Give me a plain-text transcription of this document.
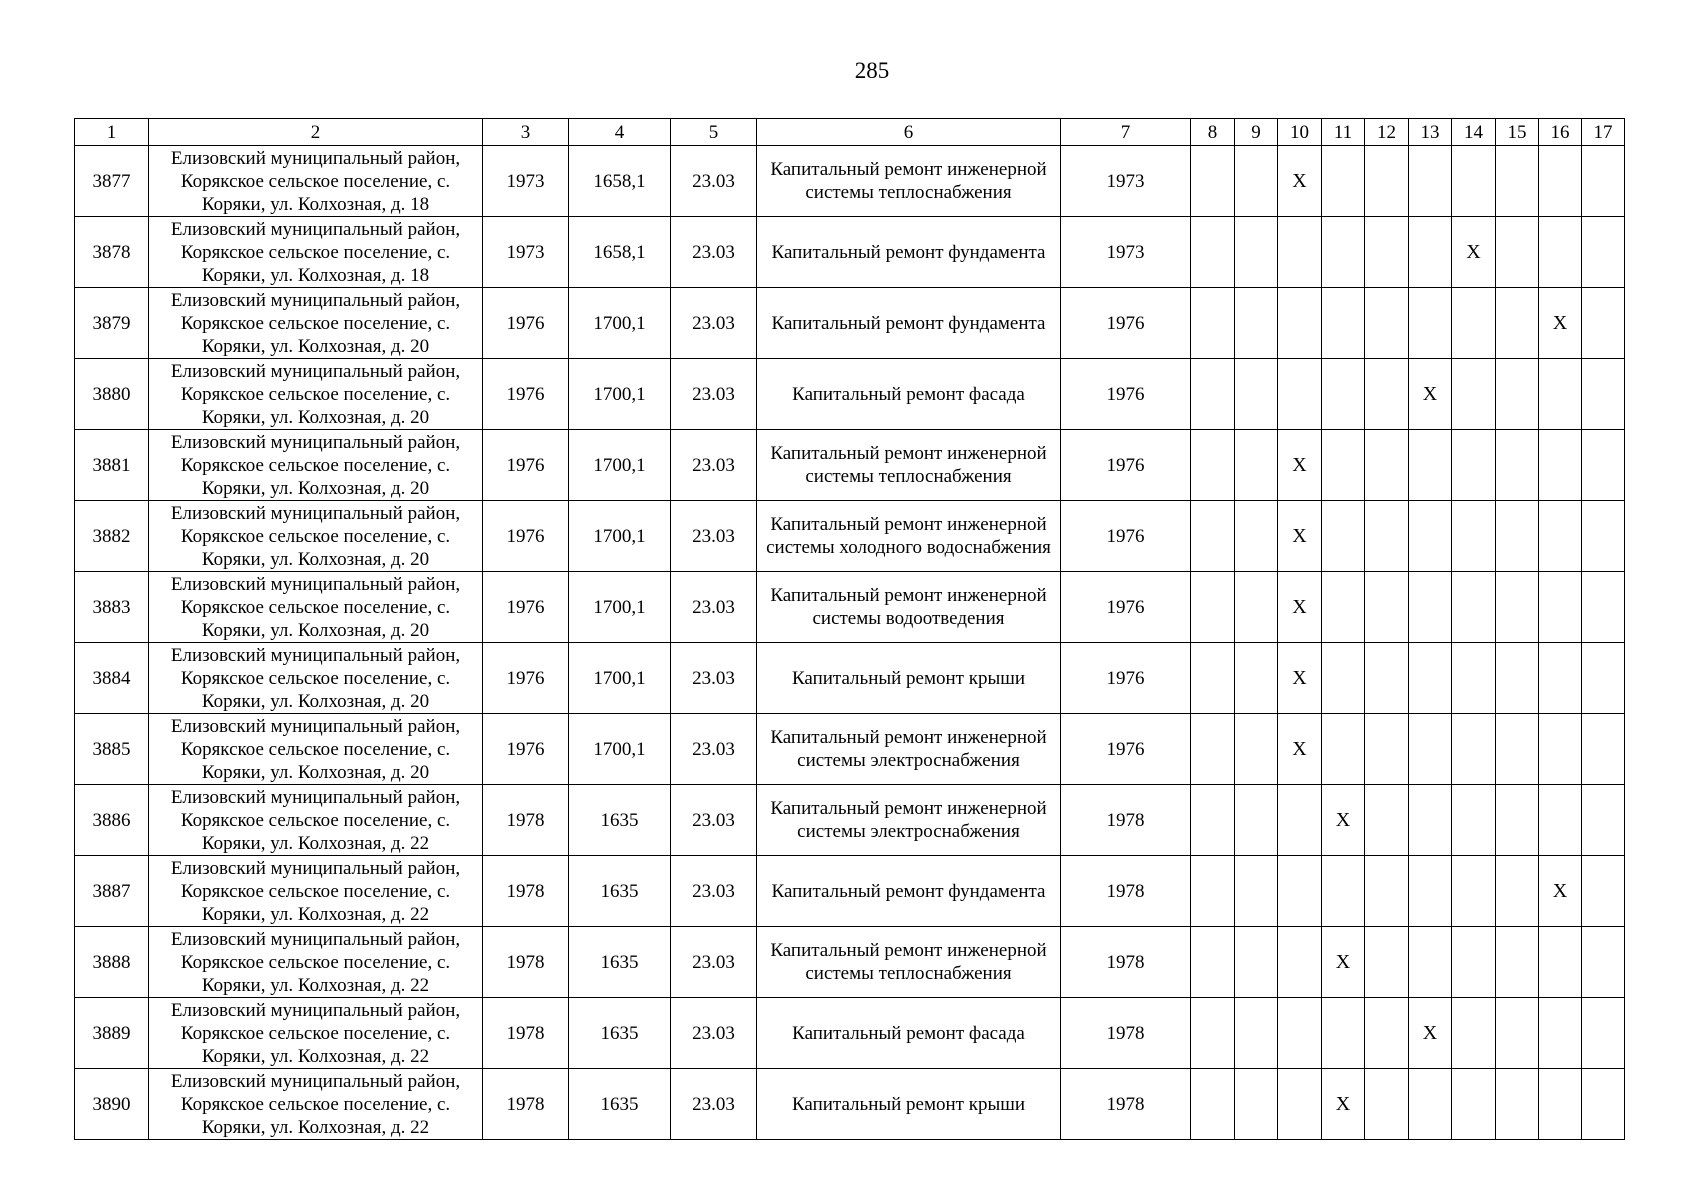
285
1	2	3	4	5	6	7	8	9	10	11	12	13	14	15	16	17
3877	Елизовский муниципальный район, Корякское сельское поселение, с. Коряки, ул. Колхозная, д. 18	1973	1658,1	23.03	Капитальный ремонт инженерной системы теплоснабжения	1973			X							
3878	Елизовский муниципальный район, Корякское сельское поселение, с. Коряки, ул. Колхозная, д. 18	1973	1658,1	23.03	Капитальный ремонт фундамента	1973							X			
3879	Елизовский муниципальный район, Корякское сельское поселение, с. Коряки, ул. Колхозная, д. 20	1976	1700,1	23.03	Капитальный ремонт фундамента	1976									X	
3880	Елизовский муниципальный район, Корякское сельское поселение, с. Коряки, ул. Колхозная, д. 20	1976	1700,1	23.03	Капитальный ремонт фасада	1976						X				
3881	Елизовский муниципальный район, Корякское сельское поселение, с. Коряки, ул. Колхозная, д. 20	1976	1700,1	23.03	Капитальный ремонт инженерной системы теплоснабжения	1976			X							
3882	Елизовский муниципальный район, Корякское сельское поселение, с. Коряки, ул. Колхозная, д. 20	1976	1700,1	23.03	Капитальный ремонт инженерной системы холодного водоснабжения	1976			X							
3883	Елизовский муниципальный район, Корякское сельское поселение, с. Коряки, ул. Колхозная, д. 20	1976	1700,1	23.03	Капитальный ремонт инженерной системы водоотведения	1976			X							
3884	Елизовский муниципальный район, Корякское сельское поселение, с. Коряки, ул. Колхозная, д. 20	1976	1700,1	23.03	Капитальный ремонт крыши	1976			X							
3885	Елизовский муниципальный район, Корякское сельское поселение, с. Коряки, ул. Колхозная, д. 20	1976	1700,1	23.03	Капитальный ремонт инженерной системы электроснабжения	1976			X							
3886	Елизовский муниципальный район, Корякское сельское поселение, с. Коряки, ул. Колхозная, д. 22	1978	1635	23.03	Капитальный ремонт инженерной системы электроснабжения	1978				X						
3887	Елизовский муниципальный район, Корякское сельское поселение, с. Коряки, ул. Колхозная, д. 22	1978	1635	23.03	Капитальный ремонт фундамента	1978									X	
3888	Елизовский муниципальный район, Корякское сельское поселение, с. Коряки, ул. Колхозная, д. 22	1978	1635	23.03	Капитальный ремонт инженерной системы теплоснабжения	1978				X						
3889	Елизовский муниципальный район, Корякское сельское поселение, с. Коряки, ул. Колхозная, д. 22	1978	1635	23.03	Капитальный ремонт фасада	1978						X				
3890	Елизовский муниципальный район, Корякское сельское поселение, с. Коряки, ул. Колхозная, д. 22	1978	1635	23.03	Капитальный ремонт крыши	1978				X						
